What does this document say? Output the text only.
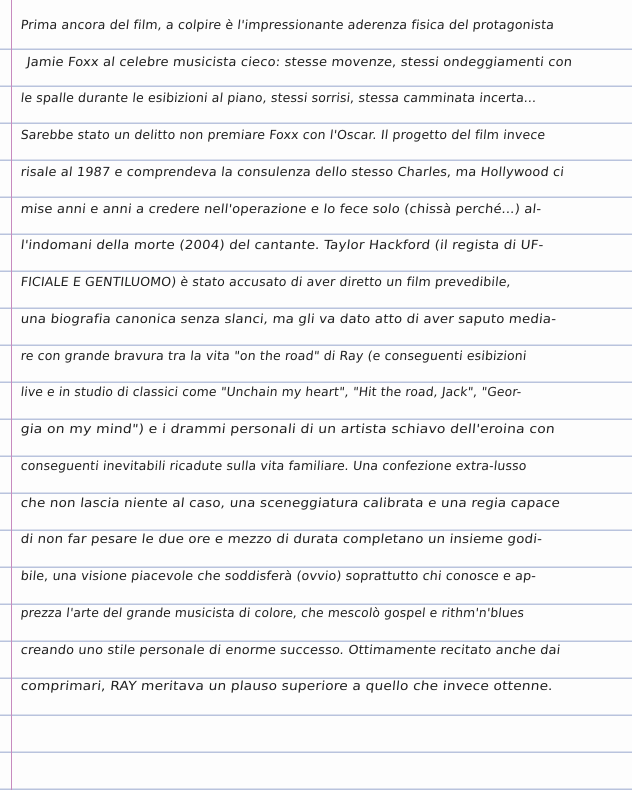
Prima ancora del film, a colpire è l'impressionante aderenza fisica del protagonista
Jamie Foxx al celebre musicista cieco: stesse movenze, stessi ondeggiamenti con
le spalle durante le esibizioni al piano, stessi sorrisi, stessa camminata incerta...
Sarebbe stato un delitto non premiare Foxx con l'Oscar. Il progetto del film invece
risale al 1987 e comprendeva la consulenza dello stesso Charles, ma Hollywood ci
mise anni e anni a credere nell'operazione e lo fece solo (chissà perché...) al-
l'indomani della morte (2004) del cantante. Taylor Hackford (il regista di UF-
FICIALE E GENTILUOMO) è stato accusato di aver diretto un film prevedibile,
una biografia canonica senza slanci, ma gli va dato atto di aver saputo media-
re con grande bravura tra la vita "on the road" di Ray (e conseguenti esibizioni
live e in studio di classici come "Unchain my heart", "Hit the road, Jack", "Geor-
gia on my mind") e i drammi personali di un artista schiavo dell'eroina con
conseguenti inevitabili ricadute sulla vita familiare. Una confezione extra-lusso
che non lascia niente al caso, una sceneggiatura calibrata e una regia capace
di non far pesare le due ore e mezzo di durata completano un insieme godi-
bile, una visione piacevole che soddisferà (ovvio) soprattutto chi conosce e ap-
prezza l'arte del grande musicista di colore, che mescolò gospel e rithm'n'blues
creando uno stile personale di enorme successo. Ottimamente recitato anche dai
comprimari, RAY meritava un plauso superiore a quello che invece ottenne.
